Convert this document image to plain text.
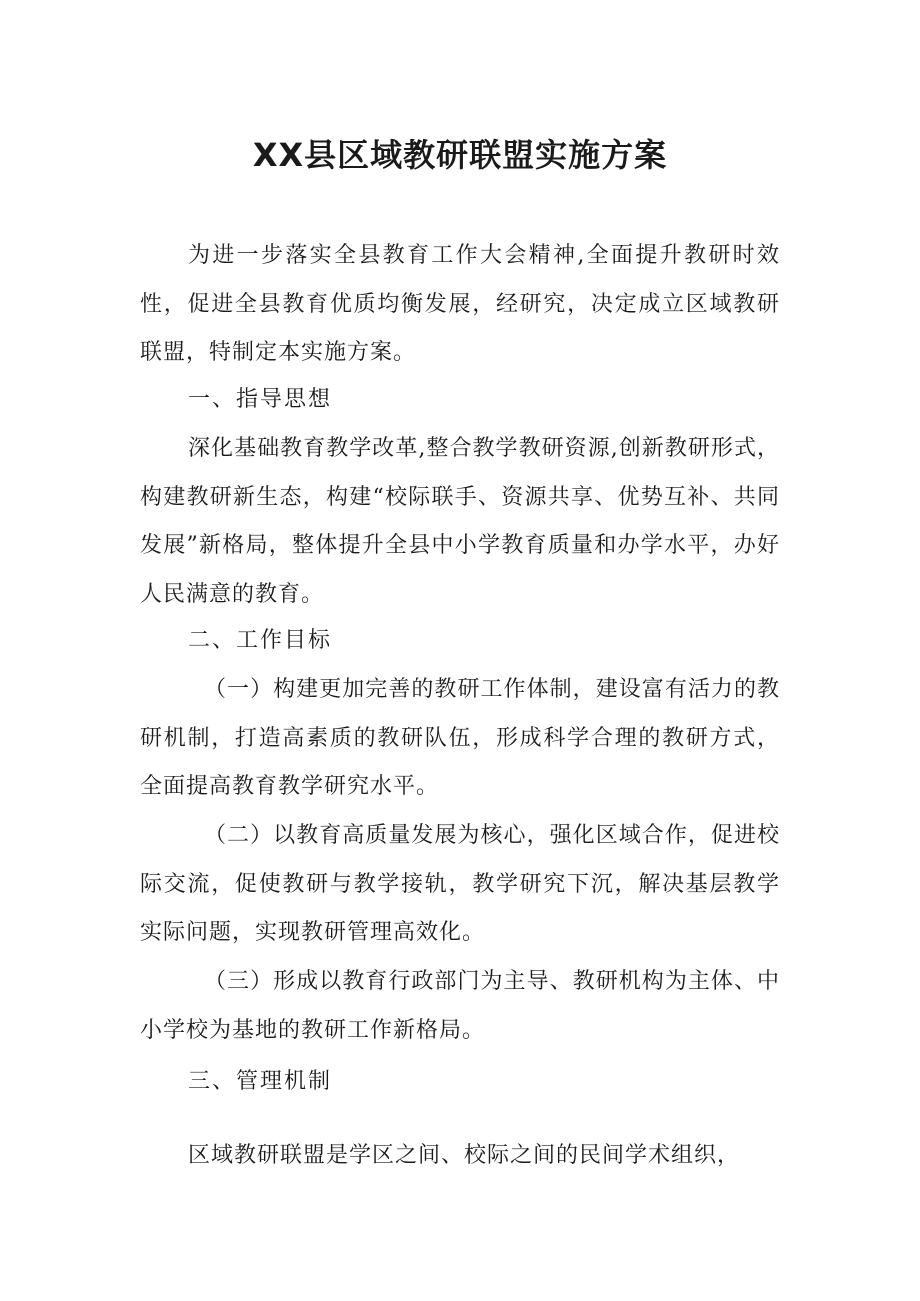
XX县区域教研联盟实施方案

为进一步落实全县教育工作大会精神,全面提升教研时效性，促进全县教育优质均衡发展，经研究，决定成立区域教研联盟，特制定本实施方案。

一、指导思想

深化基础教育教学改革,整合教学教研资源,创新教研形式，构建教研新生态，构建“校际联手、资源共享、优势互补、共同发展”新格局，整体提升全县中小学教育质量和办学水平，办好人民满意的教育。

二、工作目标

（一）构建更加完善的教研工作体制，建设富有活力的教研机制，打造高素质的教研队伍，形成科学合理的教研方式，全面提高教育教学研究水平。

（二）以教育高质量发展为核心，强化区域合作，促进校际交流，促使教研与教学接轨，教学研究下沉，解决基层教学实际问题，实现教研管理高效化。

（三）形成以教育行政部门为主导、教研机构为主体、中小学校为基地的教研工作新格局。

三、管理机制

区域教研联盟是学区之间、校际之间的民间学术组织，
